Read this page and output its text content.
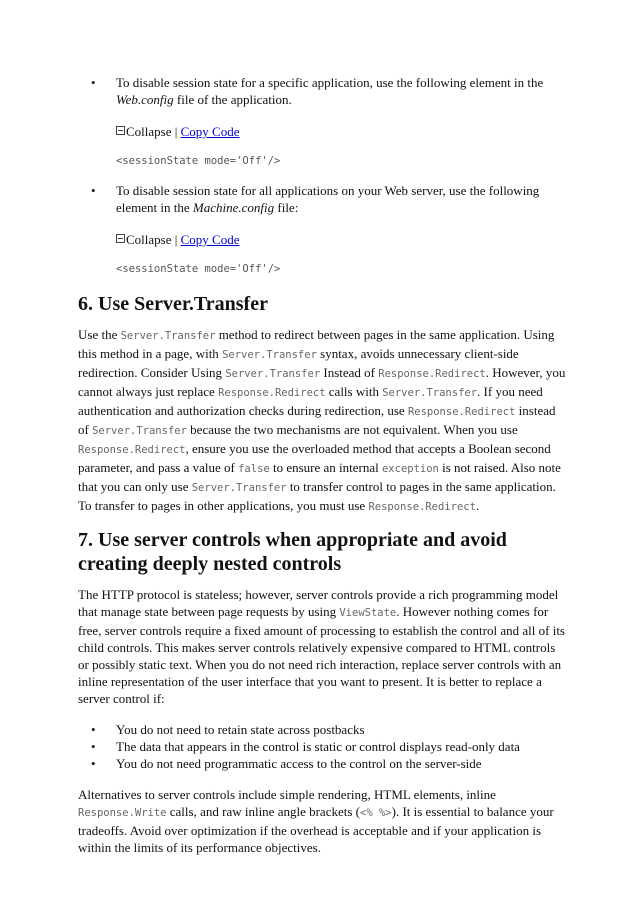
• To disable session state for a specific application, use the following element in the Web.config file of the application.

Collapse | Copy Code
<sessionState mode='Off'/>
• To disable session state for all applications on your Web server, use the following element in the Machine.config file:

Collapse | Copy Code
<sessionState mode='Off'/>
6. Use Server.Transfer

Use the Server.Transfer method to redirect between pages in the same application. Using this method in a page, with Server.Transfer syntax, avoids unnecessary client-side redirection. Consider Using Server.Transfer Instead of Response.Redirect. However, you cannot always just replace Response.Redirect calls with Server.Transfer. If you need authentication and authorization checks during redirection, use Response.Redirect instead of Server.Transfer because the two mechanisms are not equivalent. When you use Response.Redirect, ensure you use the overloaded method that accepts a Boolean second parameter, and pass a value of false to ensure an internal exception is not raised. Also note that you can only use Server.Transfer to transfer control to pages in the same application. To transfer to pages in other applications, you must use Response.Redirect.

7. Use server controls when appropriate and avoid creating deeply nested controls

The HTTP protocol is stateless; however, server controls provide a rich programming model that manage state between page requests by using ViewState. However nothing comes for free, server controls require a fixed amount of processing to establish the control and all of its child controls. This makes server controls relatively expensive compared to HTML controls or possibly static text. When you do not need rich interaction, replace server controls with an inline representation of the user interface that you want to present. It is better to replace a server control if:

• You do not need to retain state across postbacks
• The data that appears in the control is static or control displays read-only data
• You do not need programmatic access to the control on the server-side

Alternatives to server controls include simple rendering, HTML elements, inline Response.Write calls, and raw inline angle brackets (<% %>). It is essential to balance your tradeoffs. Avoid over optimization if the overhead is acceptable and if your application is within the limits of its performance objectives.
